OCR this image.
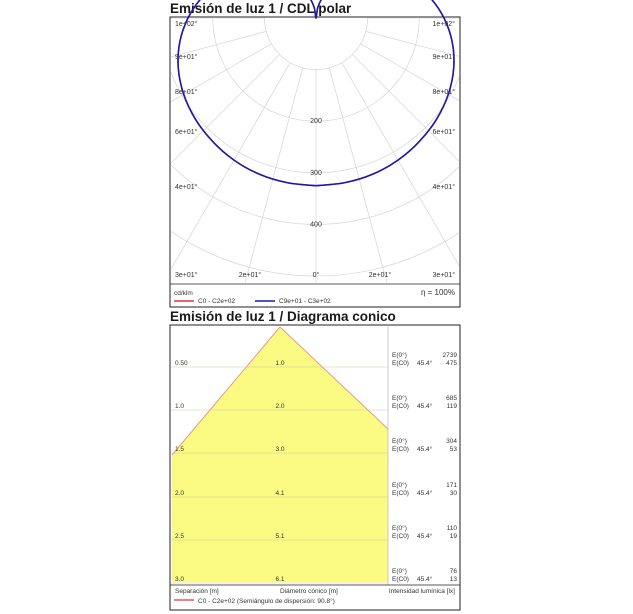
Emisión de luz 1 / CDL polar
Emisión de luz 1 / Diagrama conico
200
300
400
1e+02°
9e+01°
8e+01°
6e+01°
4e+01°
3e+01°
1e+02°
9e+01°
8e+01°
6e+01°
4e+01°
3e+01°
2e+01°	0°	2e+01°
cd/klm	η = 100%
C0 - C2e+02	C9e+01 - C3e+02
0.50	1.0
E(0°)	2739
E(C0) 45.4° 475
1.0	2.0
E(0°)	685
E(C0) 45.4° 119
1.5	3.0
E(0°)	304
E(C0) 45.4°	53
2.0	4.1
E(0°)	171
E(C0) 45.4°	30
2.5	5.1
E(0°)	110
E(C0) 45.4°	19
3.0	6.1
E(0°)	76
E(C0) 45.4°	13
Separación [m]	Diámetro cónico [m]	Intensidad lumínica [lx]
C0 - C2e+02 (Semiángulo de dispersión: 90.8°)
